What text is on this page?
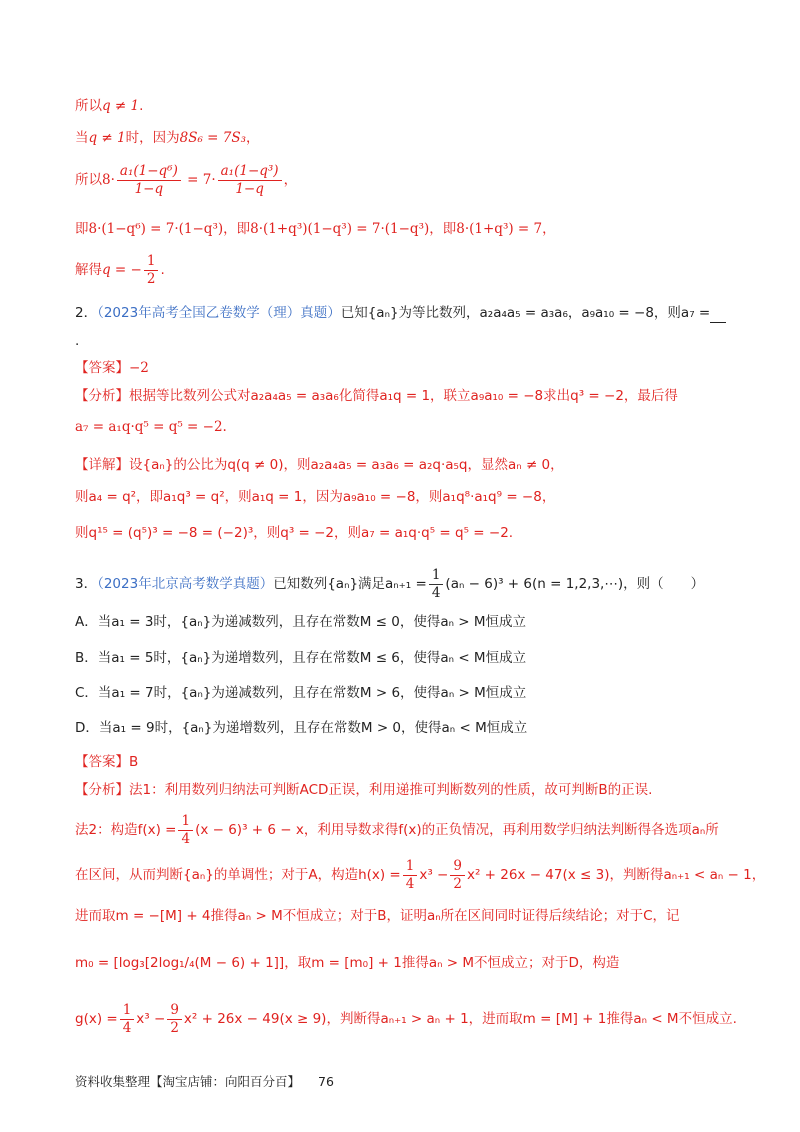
所以q ≠ 1.
当q ≠ 1时，因为8S₆ = 7S₃，
所以$8\cdot \frac{\text{a₁(1−q⁶)}}{1-q} = 7\cdot \frac{\text{a₁(1−q³)}}{1-q}$ ，
即8·(1−q⁶) = 7·(1−q³)，即8·(1+q³)(1−q³) = 7·(1−q³)，即8·(1+q³) = 7，
解得q = − $\frac{1}{2}$ .
2．（2023年高考全国乙卷数学（理）真题）已知{aₙ}为等比数列，a₂a₄a₅ = a₃a₆，a₉a₁₀ = −8，则a₇ =
.
【答案】−2
【分析】根据等比数列公式对a₂a₄a₅ = a₃a₆化简得a₁q = 1，联立a₉a₁₀ = −8求出q³ = −2，最后得
a₇ = a₁q·q⁵ = q⁵ = −2.
【详解】设{aₙ}的公比为q(q ≠ 0)，则a₂a₄a₅ = a₃a₆ = a₂q·a₅q，显然aₙ ≠ 0，
则a₄ = q²，即a₁q³ = q²，则a₁q = 1，因为a₉a₁₀ = −8，则a₁q⁸·a₁q⁹ = −8，
则q¹⁵ = (q⁵)³ = −8 = (−2)³，则q³ = −2，则a₇ = a₁q·q⁵ = q⁵ = −2.
3．（2023年北京高考数学真题）已知数列{aₙ}满足$a_{n+1} = \frac{1}{4} (a_n - 6)^3 + 6(n$ = 1,2,3,⋯)，则（　　）
A．当a₁ = 3时，{aₙ}为递减数列，且存在常数M ≤ 0，使得aₙ > M恒成立
B．当a₁ = 5时，{aₙ}为递增数列，且存在常数M ≤ 6，使得aₙ < M恒成立
C．当a₁ = 7时，{aₙ}为递减数列，且存在常数M > 6，使得aₙ > M恒成立
D．当a₁ = 9时，{aₙ}为递增数列，且存在常数M > 0，使得aₙ < M恒成立
【答案】B
【分析】法1：利用数列归纳法可判断ACD正误，利用递推可判断数列的性质，故可判断B的正误.
法2：构造$f(x) = \frac{1}{4} (x - 6)^3 + 6 - x$，利用导数求得f(x)的正负情况，再利用数学归纳法判断得各选项aₙ所
在区间，从而判断{aₙ}的单调性；对于A，构造$h(x) = \frac{1}{4} x^3 - \frac{9}{2} x^2 + 26x - 47(x \le 3)$，判断得aₙ₊₁ < aₙ − 1，
进而取m = −[M] + 4推得aₙ > M不恒成立；对于B，证明aₙ所在区间同时证得后续结论；对于C，记
m₀ = [log₃[2log₁/₄(M − 6) + 1]]，取m = [m₀] + 1推得aₙ > M不恒成立；对于D，构造
$g(x) = \frac{1}{4} x^3 - \frac{9}{2} x^2 + 26x - 49(x \ge 9)$，判断得aₙ₊₁ > aₙ + 1，进而取m = [M] + 1推得aₙ < M不恒成立.
资料收集整理【淘宝店铺：向阳百分百】 76
